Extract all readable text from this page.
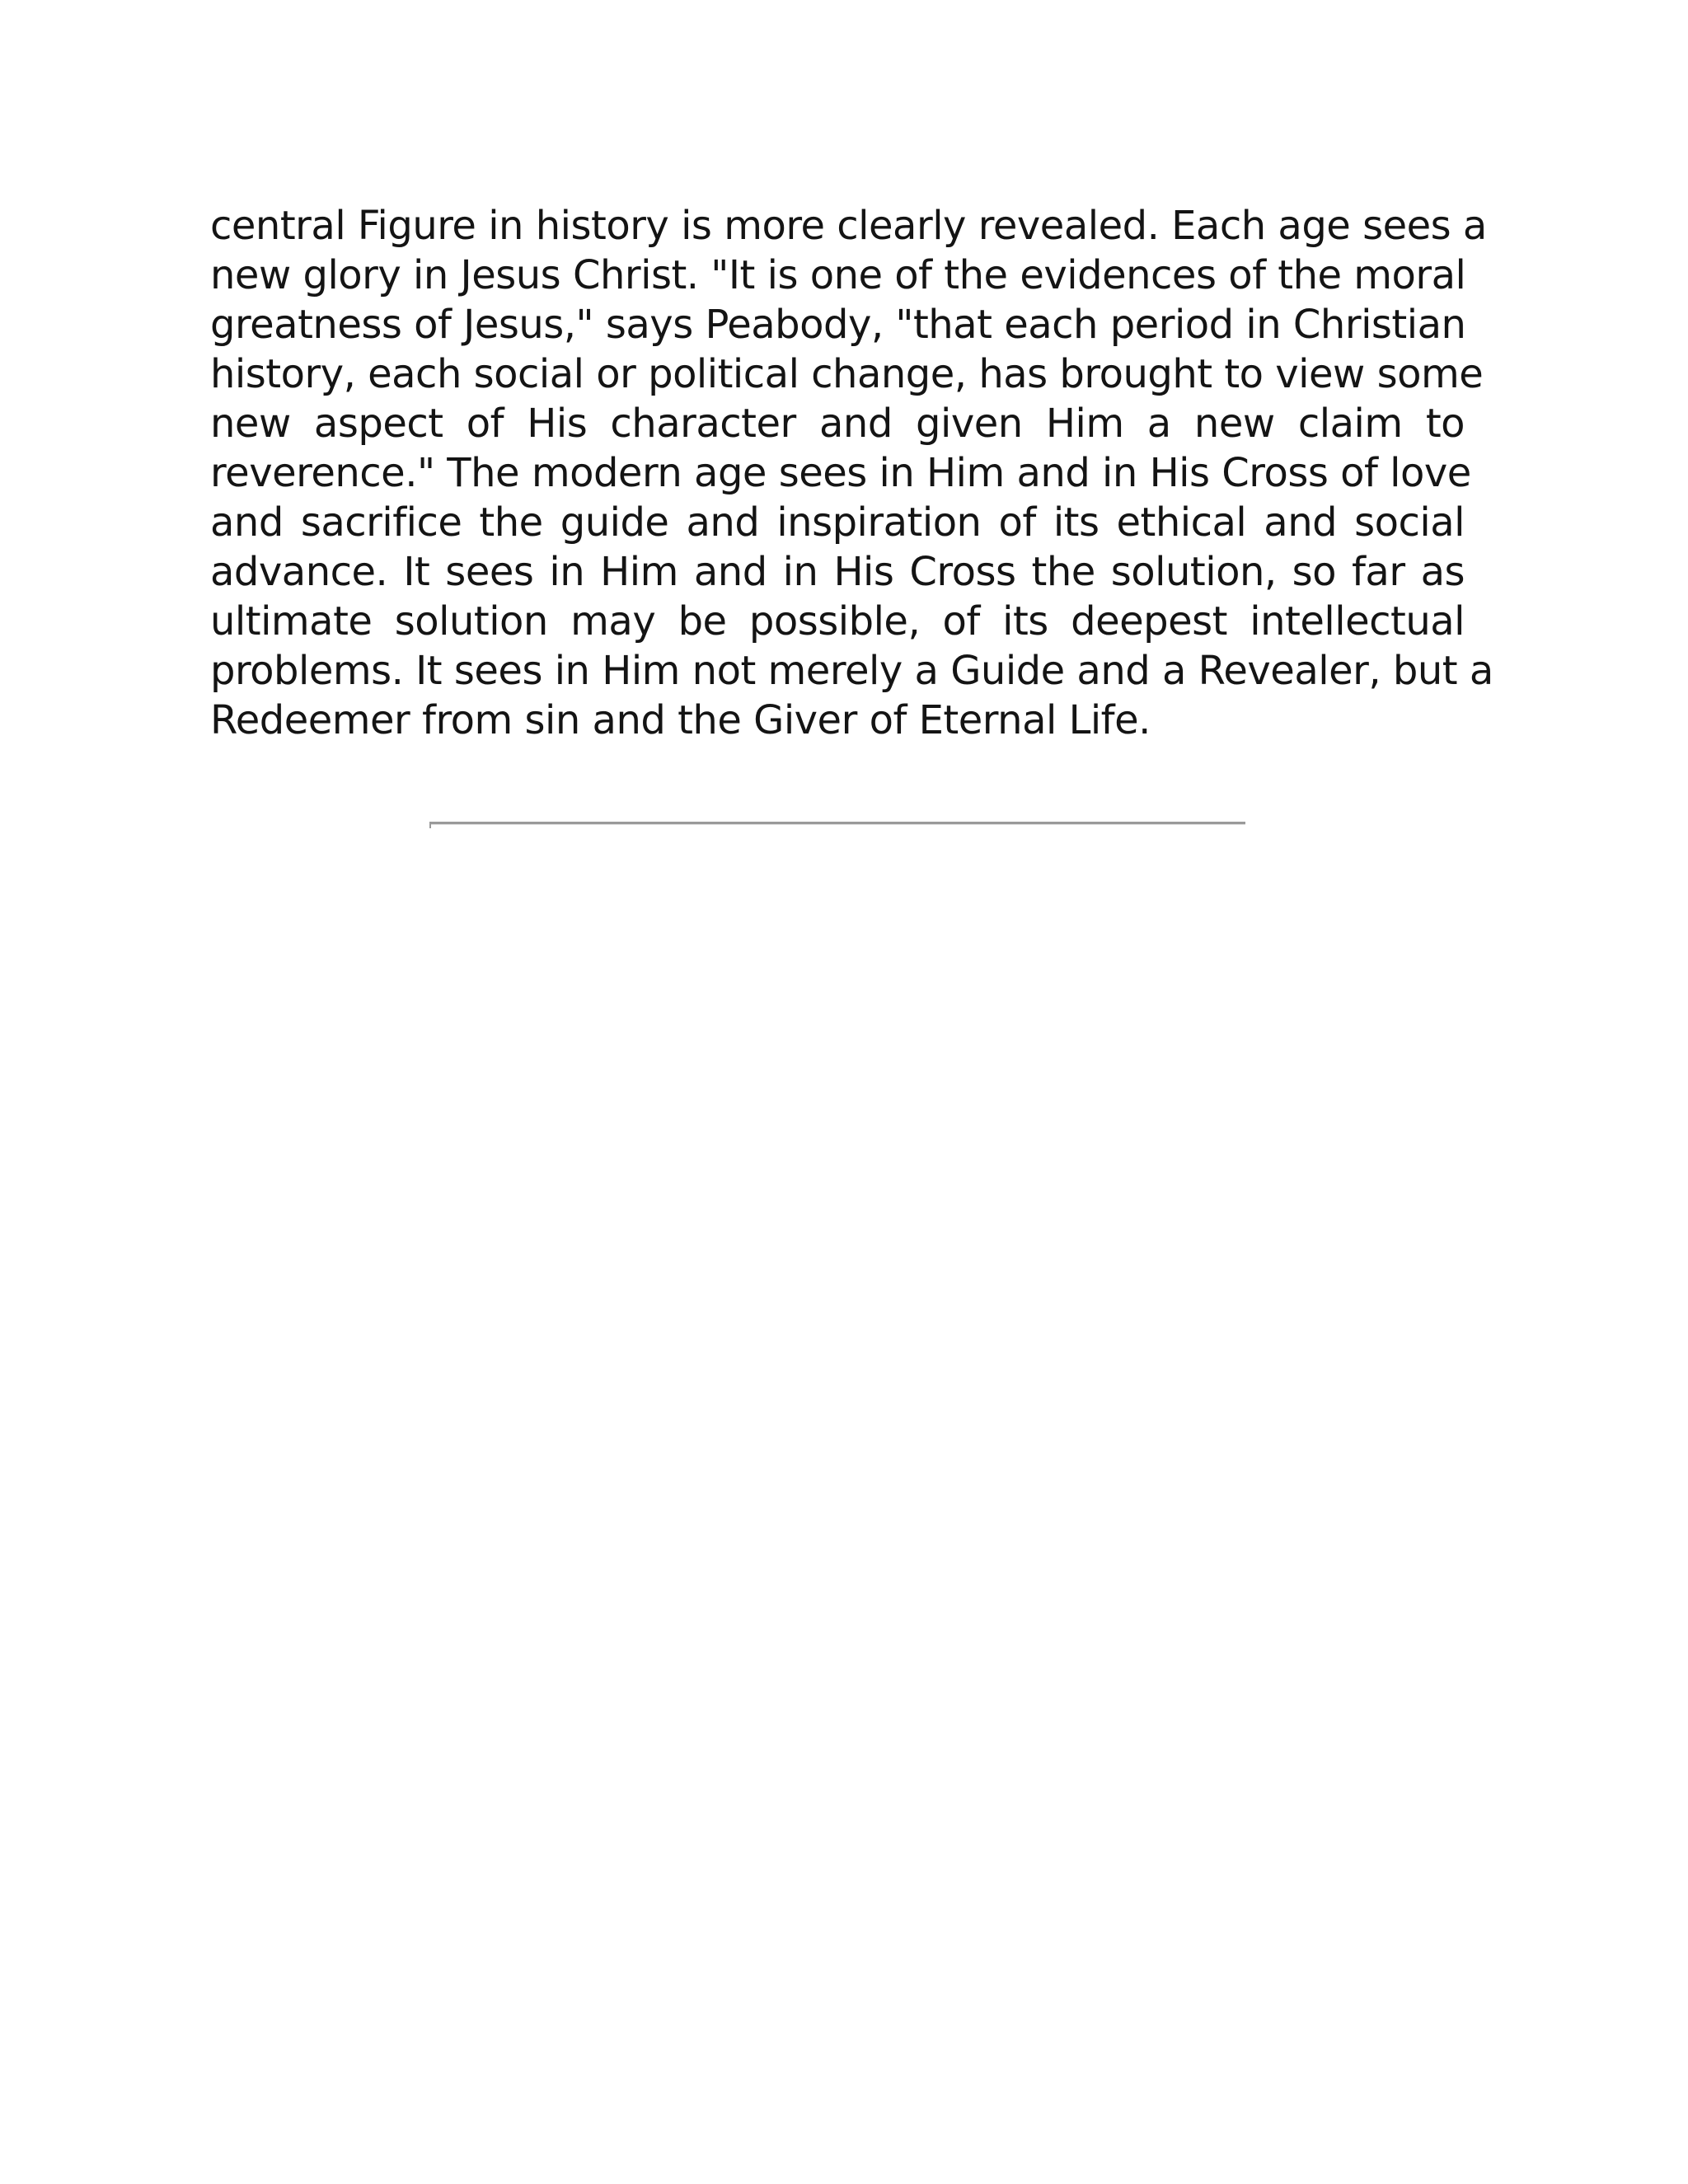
central Figure in history is more clearly revealed. Each age sees a
new glory in Jesus Christ. "It is one of the evidences of the moral
greatness of Jesus," says Peabody, "that each period in Christian
history, each social or political change, has brought to view some
new aspect of His character and given Him a new claim to
reverence." The modern age sees in Him and in His Cross of love
and sacrifice the guide and inspiration of its ethical and social
advance. It sees in Him and in His Cross the solution, so far as
ultimate solution may be possible, of its deepest intellectual
problems. It sees in Him not merely a Guide and a Revealer, but a
Redeemer from sin and the Giver of Eternal Life.
